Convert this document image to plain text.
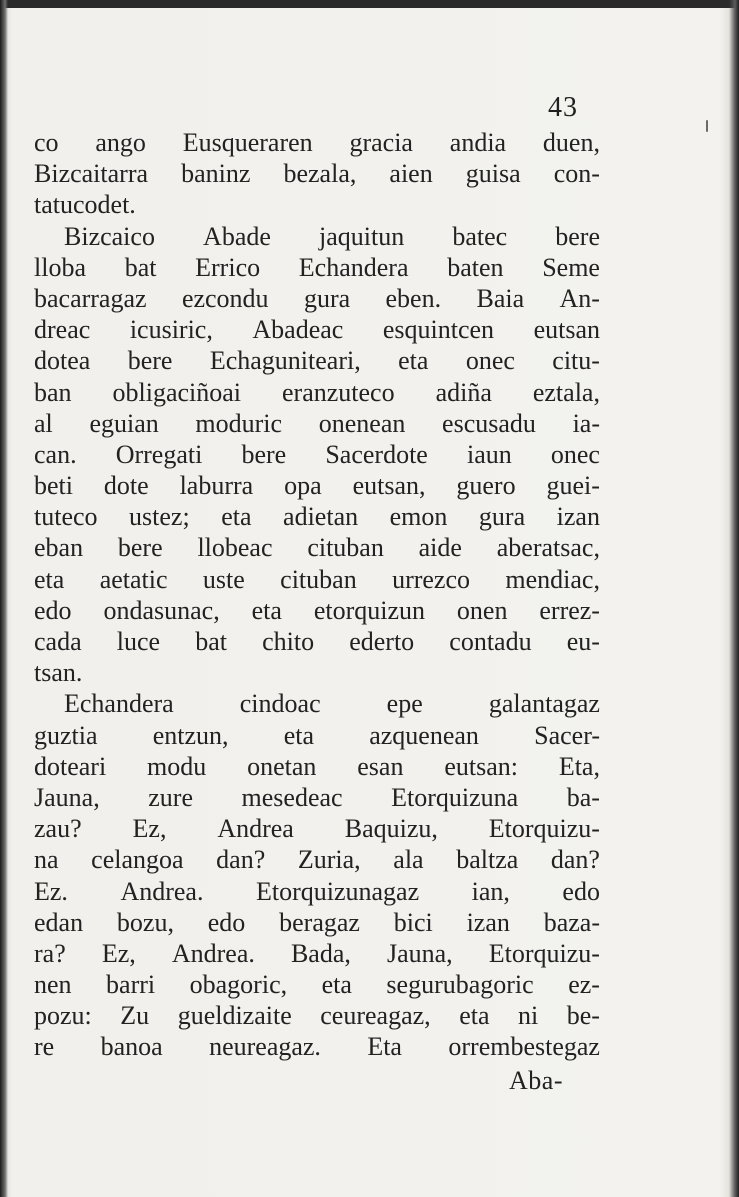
43
co ango Eusqueraren gracia andia duen,
Bizcaitarra baninz bezala, aien guisa con-
tatucodet.
Bizcaico Abade jaquitun batec bere
lloba bat Errico Echandera baten Seme
bacarragaz ezcondu gura eben. Baia An-
dreac icusiric, Abadeac esquintcen eutsan
dotea bere Echaguniteari, eta onec citu-
ban obligaciñoai eranzuteco adiña eztala,
al eguian moduric onenean escusadu ia-
can. Orregati bere Sacerdote iaun onec
beti dote laburra opa eutsan, guero guei-
tuteco ustez; eta adietan emon gura izan
eban bere llobeac cituban aide aberatsac,
eta aetatic uste cituban urrezco mendiac,
edo ondasunac, eta etorquizun onen errez-
cada luce bat chito ederto contadu eu-
tsan.
Echandera	cindoac	epe	galantagaz
guztia entzun, eta azquenean Sacer-
doteari modu onetan esan eutsan: Eta,
Jauna, zure mesedeac Etorquizuna ba-
zau? Ez, Andrea Baquizu, Etorquizu-
na celangoa dan? Zuria, ala baltza dan?
Ez. Andrea. Etorquizunagaz ian, edo
edan bozu, edo beragaz bici izan baza-
ra? Ez, Andrea. Bada, Jauna, Etorquizu-
nen barri obagoric, eta segurubagoric ez-
pozu: Zu gueldizaite ceureagaz, eta ni be-
re banoa neureagaz. Eta orrembestegaz
Aba-
